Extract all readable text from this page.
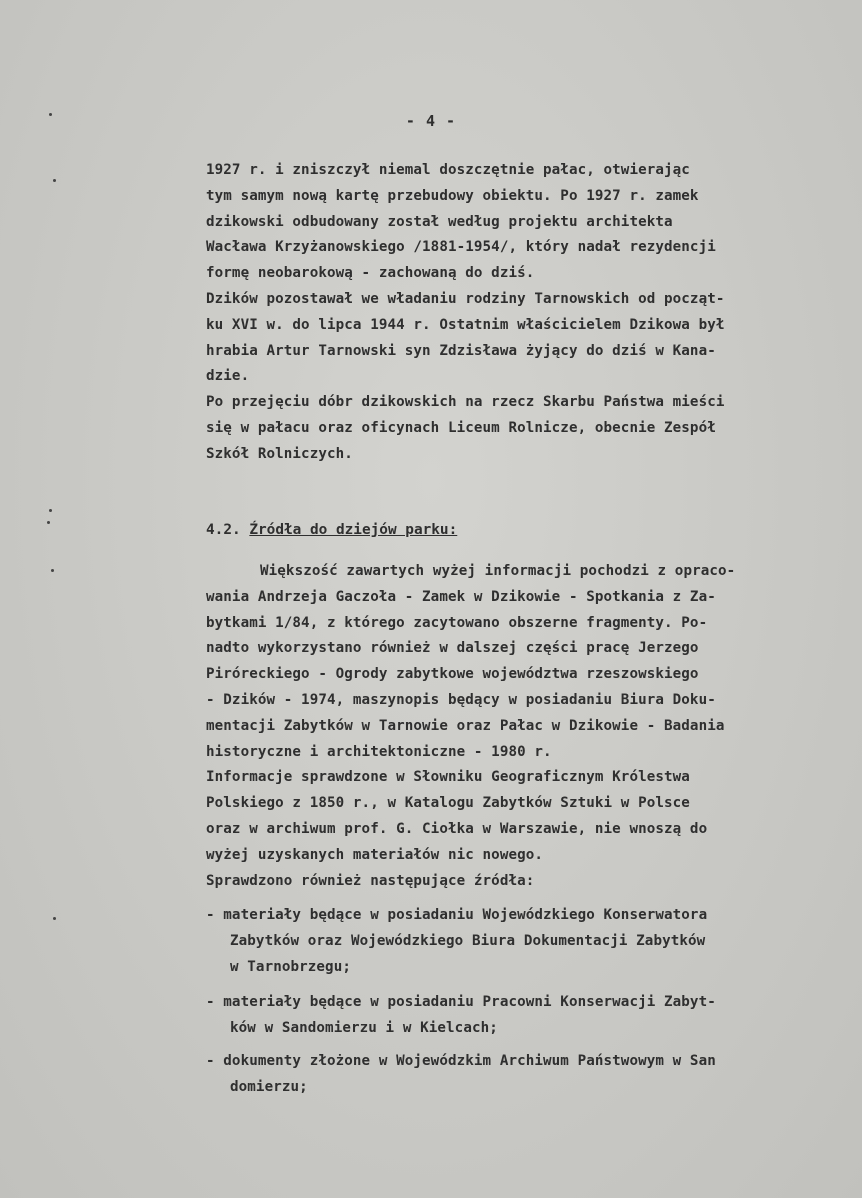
- 4 -
1927 r. i zniszczył niemal doszczętnie pałac, otwierając
tym samym nową kartę przebudowy obiektu. Po 1927 r. zamek
dzikowski odbudowany został według projektu architekta
Wacława Krzyżanowskiego /1881-1954/, który nadał rezydencji
formę neobarokową - zachowaną do dziś.
Dzików pozostawał we władaniu rodziny Tarnowskich od począt-
ku XVI w. do lipca 1944 r. Ostatnim właścicielem Dzikowa był
hrabia Artur Tarnowski syn Zdzisława żyjący do dziś w Kana-
dzie.
Po przejęciu dóbr dzikowskich na rzecz Skarbu Państwa mieści
się w pałacu oraz oficynach Liceum Rolnicze, obecnie Zespół
Szkół Rolniczych.
4.2. Źródła do dziejów parku:
Większość zawartych wyżej informacji pochodzi z opraco-
wania Andrzeja Gaczoła - Zamek w Dzikowie - Spotkania z Za-
bytkami 1/84, z którego zacytowano obszerne fragmenty. Po-
nadto wykorzystano również w dalszej części pracę Jerzego
Piróreckiego - Ogrody zabytkowe województwa rzeszowskiego
- Dzików - 1974, maszynopis będący w posiadaniu Biura Doku-
mentacji Zabytków w Tarnowie oraz Pałac w Dzikowie - Badania
historyczne i architektoniczne - 1980 r.
Informacje sprawdzone w Słowniku Geograficznym Królestwa
Polskiego z 1850 r., w Katalogu Zabytków Sztuki w Polsce
oraz w archiwum prof. G. Ciołka w Warszawie, nie wnoszą do
wyżej uzyskanych materiałów nic nowego.
Sprawdzono również następujące źródła:
- materiały będące w posiadaniu Wojewódzkiego Konserwatora
Zabytków oraz Wojewódzkiego Biura Dokumentacji Zabytków
w Tarnobrzegu;
- materiały będące w posiadaniu Pracowni Konserwacji Zabyt-
ków w Sandomierzu i w Kielcach;
- dokumenty złożone w Wojewódzkim Archiwum Państwowym w San
domierzu;
